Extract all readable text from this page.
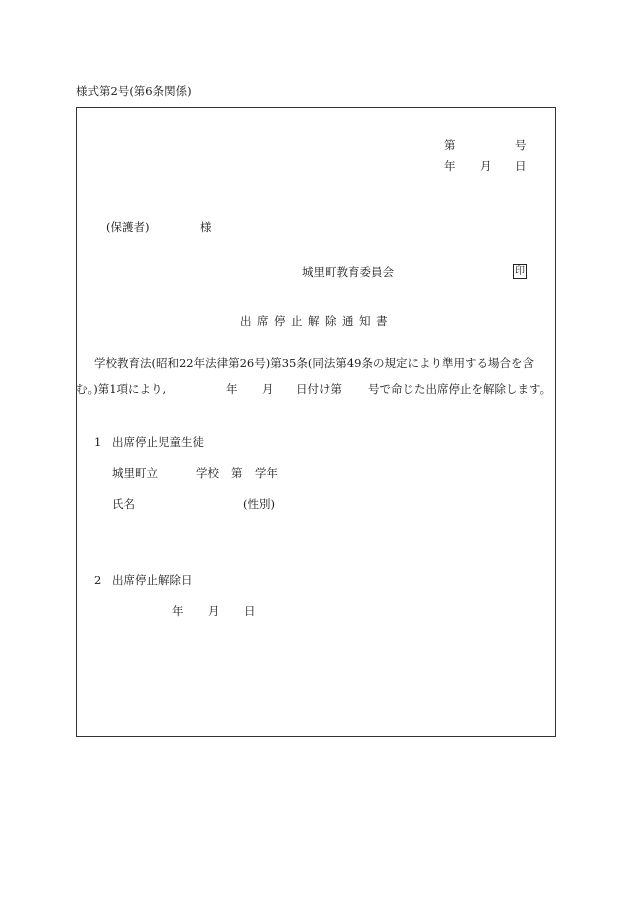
様式第2号(第6条関係)
第	号
年 月 日
(保護者)	様
城里町教育委員会	印
出席停止解除通知書
学校教育法(昭和22年法律第26号)第35条(同法第49条の規定により準用する場合を含
む。)第1項により,	年 月 日付け第 号で命じた出席停止を解除します。
1 出席停止児童生徒
城里町立	学校 第 学年
氏名	(性別)
2 出席停止解除日
年 月 日
